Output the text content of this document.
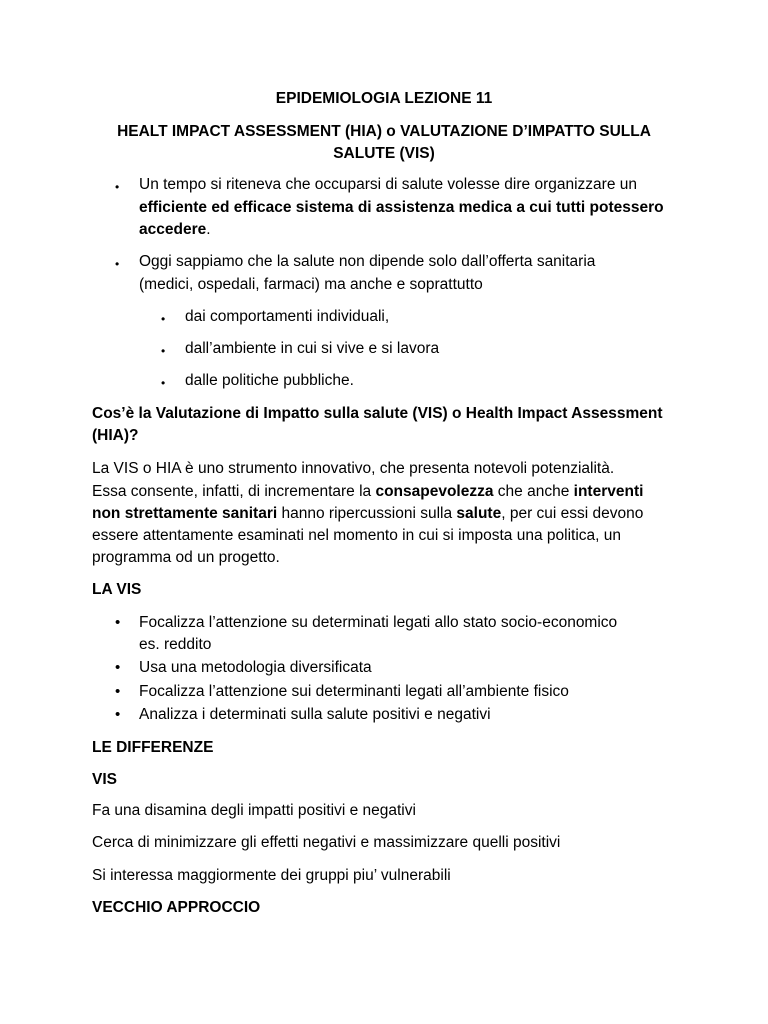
EPIDEMIOLOGIA LEZIONE 11
HEALT IMPACT ASSESSMENT (HIA) o VALUTAZIONE D’IMPATTO SULLA
SALUTE (VIS)
• Un tempo si riteneva che occuparsi di salute volesse dire organizzare un
efficiente ed efficace sistema di assistenza medica a cui tutti potessero
accedere.
• Oggi sappiamo che la salute non dipende solo dall’offerta sanitaria
(medici, ospedali, farmaci) ma anche e soprattutto
• dai comportamenti individuali,
• dall’ambiente in cui si vive e si lavora
• dalle politiche pubbliche.
Cos’è la Valutazione di Impatto sulla salute (VIS) o Health Impact Assessment
(HIA)?
La VIS o HIA è uno strumento innovativo, che presenta notevoli potenzialità.
Essa consente, infatti, di incrementare la consapevolezza che anche interventi
non strettamente sanitari hanno ripercussioni sulla salute, per cui essi devono
essere attentamente esaminati nel momento in cui si imposta una politica, un
programma od un progetto.
LA VIS
• Focalizza l’attenzione su determinati legati allo stato socio-economico
es. reddito
• Usa una metodologia diversificata
• Focalizza l’attenzione sui determinanti legati all’ambiente fisico
• Analizza i determinati sulla salute positivi e negativi
LE DIFFERENZE
VIS
Fa una disamina degli impatti positivi e negativi
Cerca di minimizzare gli effetti negativi e massimizzare quelli positivi
Si interessa maggiormente dei gruppi piu’ vulnerabili
VECCHIO APPROCCIO
